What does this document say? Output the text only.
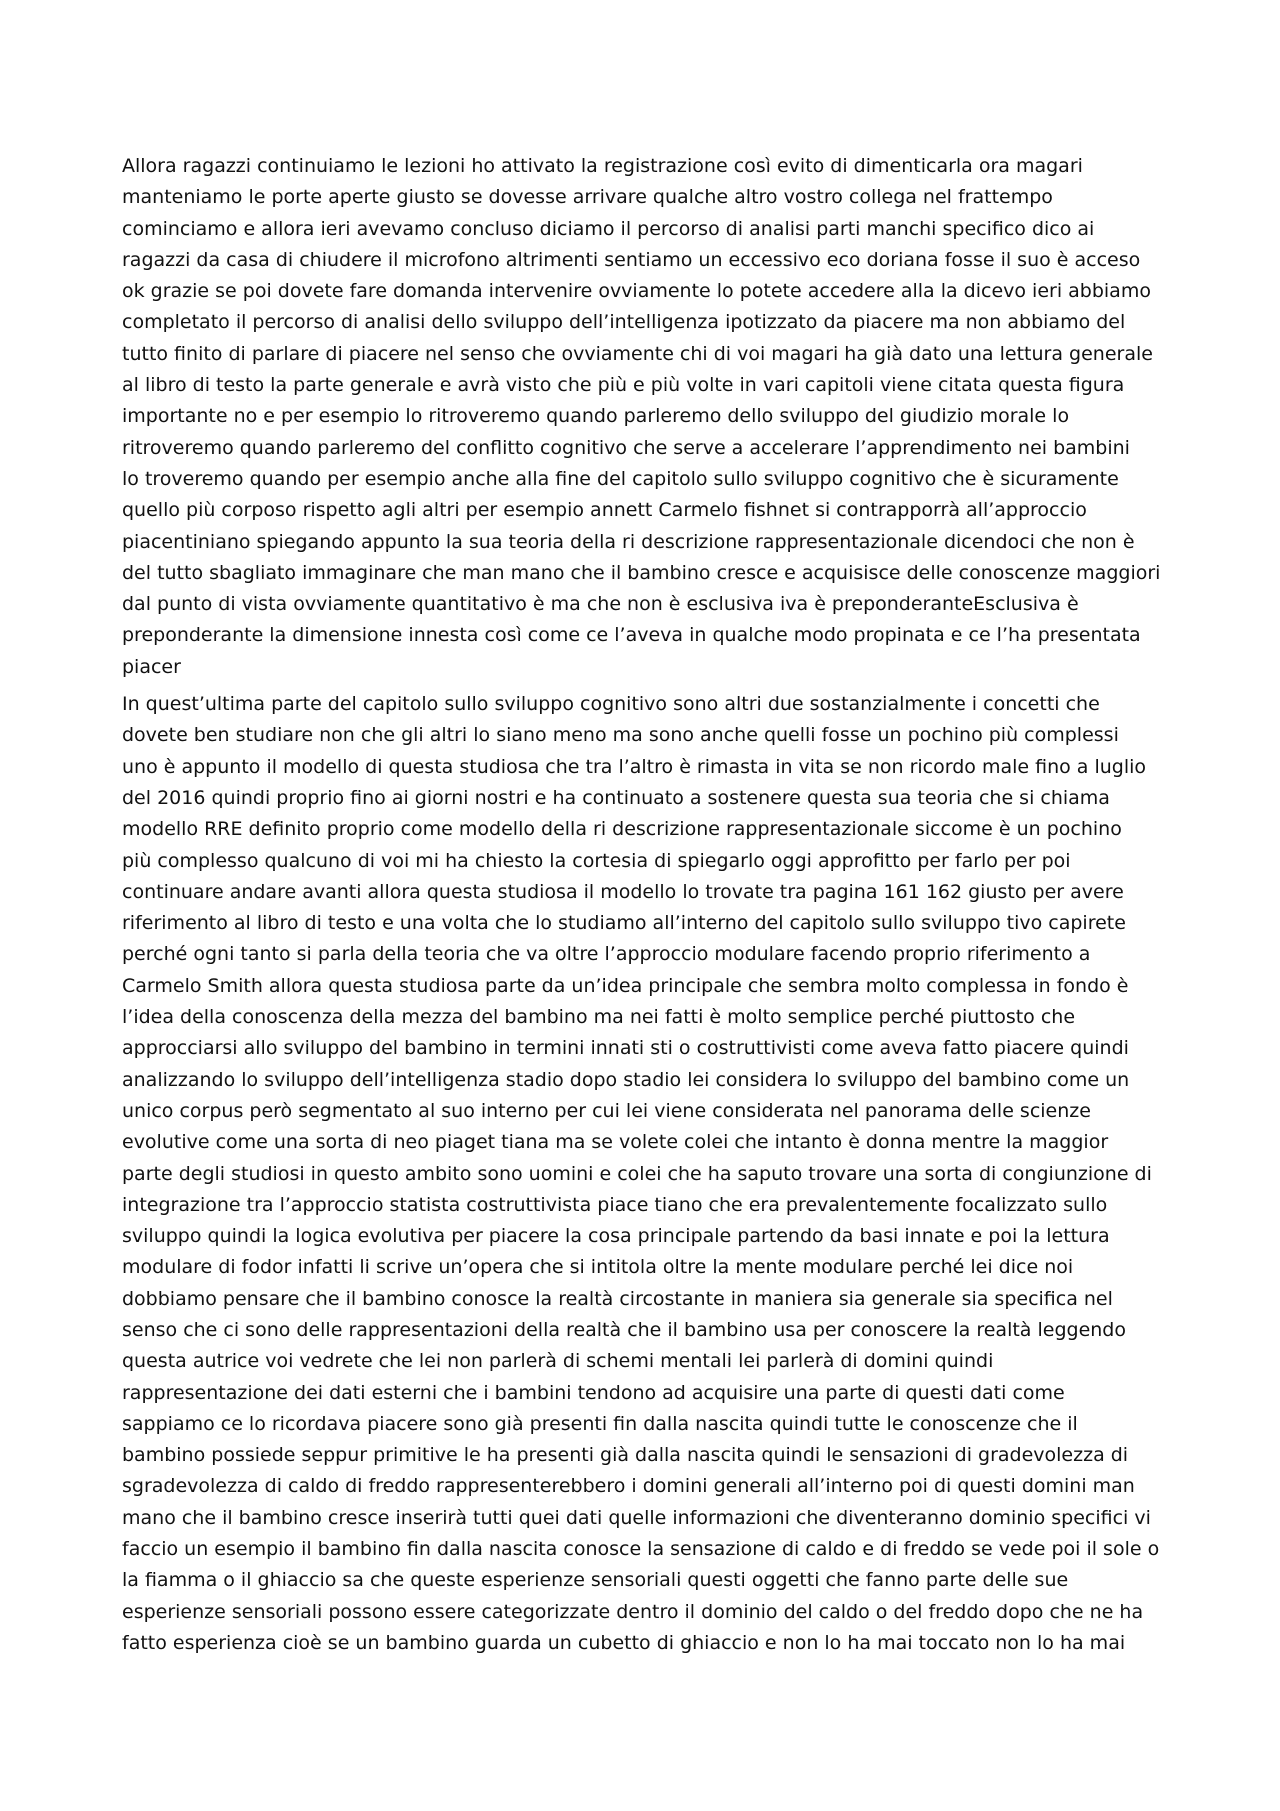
Allora ragazzi continuiamo le lezioni ho attivato la registrazione così evito di dimenticarla ora magari
manteniamo le porte aperte giusto se dovesse arrivare qualche altro vostro collega nel frattempo
cominciamo e allora ieri avevamo concluso diciamo il percorso di analisi parti manchi specifico dico ai
ragazzi da casa di chiudere il microfono altrimenti sentiamo un eccessivo eco doriana fosse il suo è acceso
ok grazie se poi dovete fare domanda intervenire ovviamente lo potete accedere alla la dicevo ieri abbiamo
completato il percorso di analisi dello sviluppo dell’intelligenza ipotizzato da piacere ma non abbiamo del
tutto finito di parlare di piacere nel senso che ovviamente chi di voi magari ha già dato una lettura generale
al libro di testo la parte generale e avrà visto che più e più volte in vari capitoli viene citata questa figura
importante no e per esempio lo ritroveremo quando parleremo dello sviluppo del giudizio morale lo
ritroveremo quando parleremo del conflitto cognitivo che serve a accelerare l’apprendimento nei bambini
lo troveremo quando per esempio anche alla fine del capitolo sullo sviluppo cognitivo che è sicuramente
quello più corposo rispetto agli altri per esempio annett Carmelo fishnet si contrapporrà all’approccio
piacentiniano spiegando appunto la sua teoria della ri descrizione rappresentazionale dicendoci che non è
del tutto sbagliato immaginare che man mano che il bambino cresce e acquisisce delle conoscenze maggiori
dal punto di vista ovviamente quantitativo è ma che non è esclusiva iva è preponderanteEsclusiva è
preponderante la dimensione innesta così come ce l’aveva in qualche modo propinata e ce l’ha presentata
piacer

In quest’ultima parte del capitolo sullo sviluppo cognitivo sono altri due sostanzialmente i concetti che
dovete ben studiare non che gli altri lo siano meno ma sono anche quelli fosse un pochino più complessi
uno è appunto il modello di questa studiosa che tra l’altro è rimasta in vita se non ricordo male fino a luglio
del 2016 quindi proprio fino ai giorni nostri e ha continuato a sostenere questa sua teoria che si chiama
modello RRE definito proprio come modello della ri descrizione rappresentazionale siccome è un pochino
più complesso qualcuno di voi mi ha chiesto la cortesia di spiegarlo oggi approfitto per farlo per poi
continuare andare avanti allora questa studiosa il modello lo trovate tra pagina 161 162 giusto per avere
riferimento al libro di testo e una volta che lo studiamo all’interno del capitolo sullo sviluppo tivo capirete
perché ogni tanto si parla della teoria che va oltre l’approccio modulare facendo proprio riferimento a
Carmelo Smith allora questa studiosa parte da un’idea principale che sembra molto complessa in fondo è
l’idea della conoscenza della mezza del bambino ma nei fatti è molto semplice perché piuttosto che
approcciarsi allo sviluppo del bambino in termini innati sti o costruttivisti come aveva fatto piacere quindi
analizzando lo sviluppo dell’intelligenza stadio dopo stadio lei considera lo sviluppo del bambino come un
unico corpus però segmentato al suo interno per cui lei viene considerata nel panorama delle scienze
evolutive come una sorta di neo piaget tiana ma se volete colei che intanto è donna mentre la maggior
parte degli studiosi in questo ambito sono uomini e colei che ha saputo trovare una sorta di congiunzione di
integrazione tra l’approccio statista costruttivista piace tiano che era prevalentemente focalizzato sullo
sviluppo quindi la logica evolutiva per piacere la cosa principale partendo da basi innate e poi la lettura
modulare di fodor infatti li scrive un’opera che si intitola oltre la mente modulare perché lei dice noi
dobbiamo pensare che il bambino conosce la realtà circostante in maniera sia generale sia specifica nel
senso che ci sono delle rappresentazioni della realtà che il bambino usa per conoscere la realtà leggendo
questa autrice voi vedrete che lei non parlerà di schemi mentali lei parlerà di domini quindi
rappresentazione dei dati esterni che i bambini tendono ad acquisire una parte di questi dati come
sappiamo ce lo ricordava piacere sono già presenti fin dalla nascita quindi tutte le conoscenze che il
bambino possiede seppur primitive le ha presenti già dalla nascita quindi le sensazioni di gradevolezza di
sgradevolezza di caldo di freddo rappresenterebbero i domini generali all’interno poi di questi domini man
mano che il bambino cresce inserirà tutti quei dati quelle informazioni che diventeranno dominio specifici vi
faccio un esempio il bambino fin dalla nascita conosce la sensazione di caldo e di freddo se vede poi il sole o
la fiamma o il ghiaccio sa che queste esperienze sensoriali questi oggetti che fanno parte delle sue
esperienze sensoriali possono essere categorizzate dentro il dominio del caldo o del freddo dopo che ne ha
fatto esperienza cioè se un bambino guarda un cubetto di ghiaccio e non lo ha mai toccato non lo ha mai
